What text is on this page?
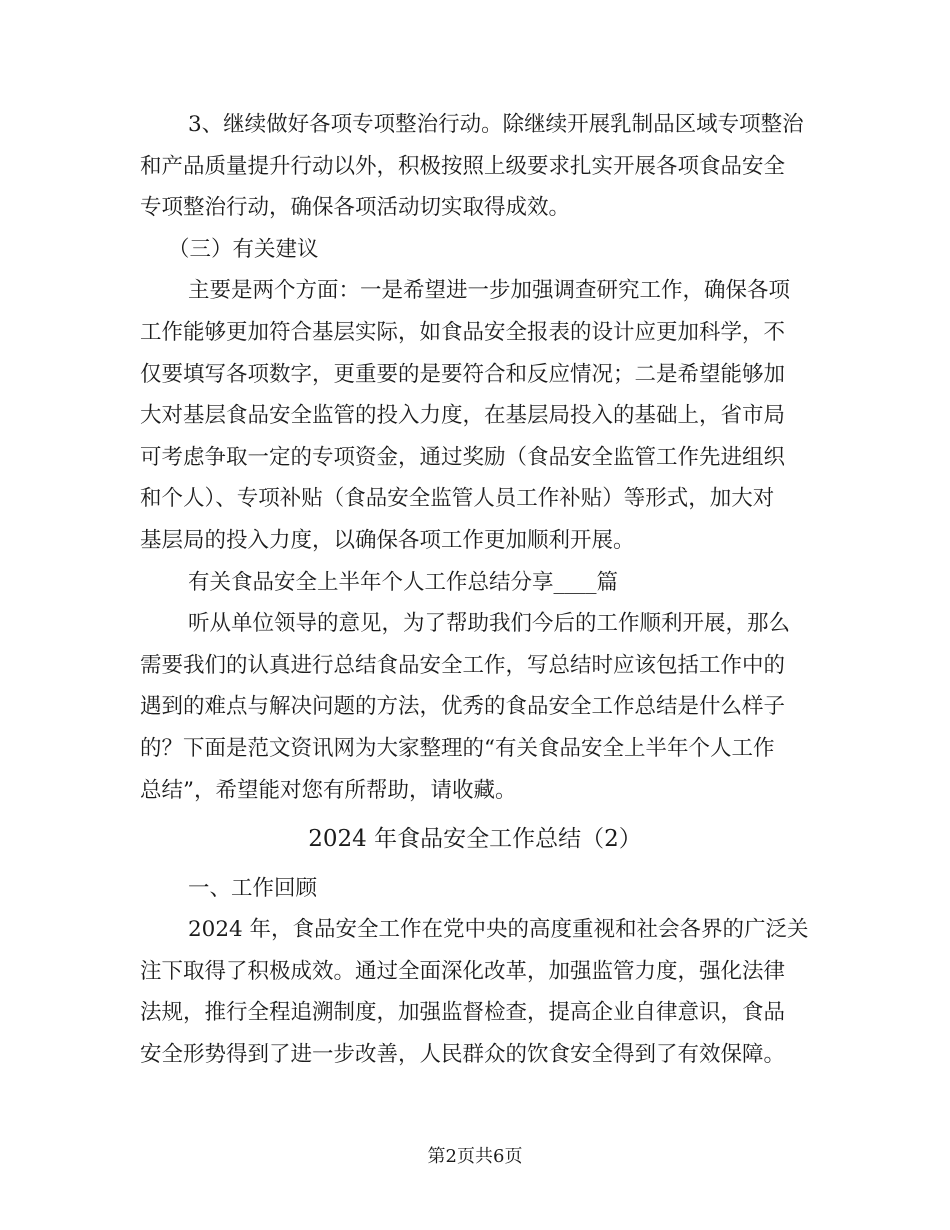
3、继续做好各项专项整治行动。除继续开展乳制品区域专项整治
和产品质量提升行动以外，积极按照上级要求扎实开展各项食品安全
专项整治行动，确保各项活动切实取得成效。
（三）有关建议
主要是两个方面：一是希望进一步加强调查研究工作，确保各项
工作能够更加符合基层实际，如食品安全报表的设计应更加科学，不
仅要填写各项数字，更重要的是要符合和反应情况；二是希望能够加
大对基层食品安全监管的投入力度，在基层局投入的基础上，省市局
可考虑争取一定的专项资金，通过奖励（食品安全监管工作先进组织
和个人）、专项补贴（食品安全监管人员工作补贴）等形式，加大对
基层局的投入力度，以确保各项工作更加顺利开展。
有关食品安全上半年个人工作总结分享____篇
听从单位领导的意见，为了帮助我们今后的工作顺利开展，那么
需要我们的认真进行总结食品安全工作，写总结时应该包括工作中的
遇到的难点与解决问题的方法，优秀的食品安全工作总结是什么样子
的？下面是范文资讯网为大家整理的“有关食品安全上半年个人工作
总结”，希望能对您有所帮助，请收藏。
2024 年食品安全工作总结（2）
一、工作回顾
2024 年，食品安全工作在党中央的高度重视和社会各界的广泛关
注下取得了积极成效。通过全面深化改革，加强监管力度，强化法律
法规，推行全程追溯制度，加强监督检查，提高企业自律意识，食品
安全形势得到了进一步改善，人民群众的饮食安全得到了有效保障。
第2页共6页
